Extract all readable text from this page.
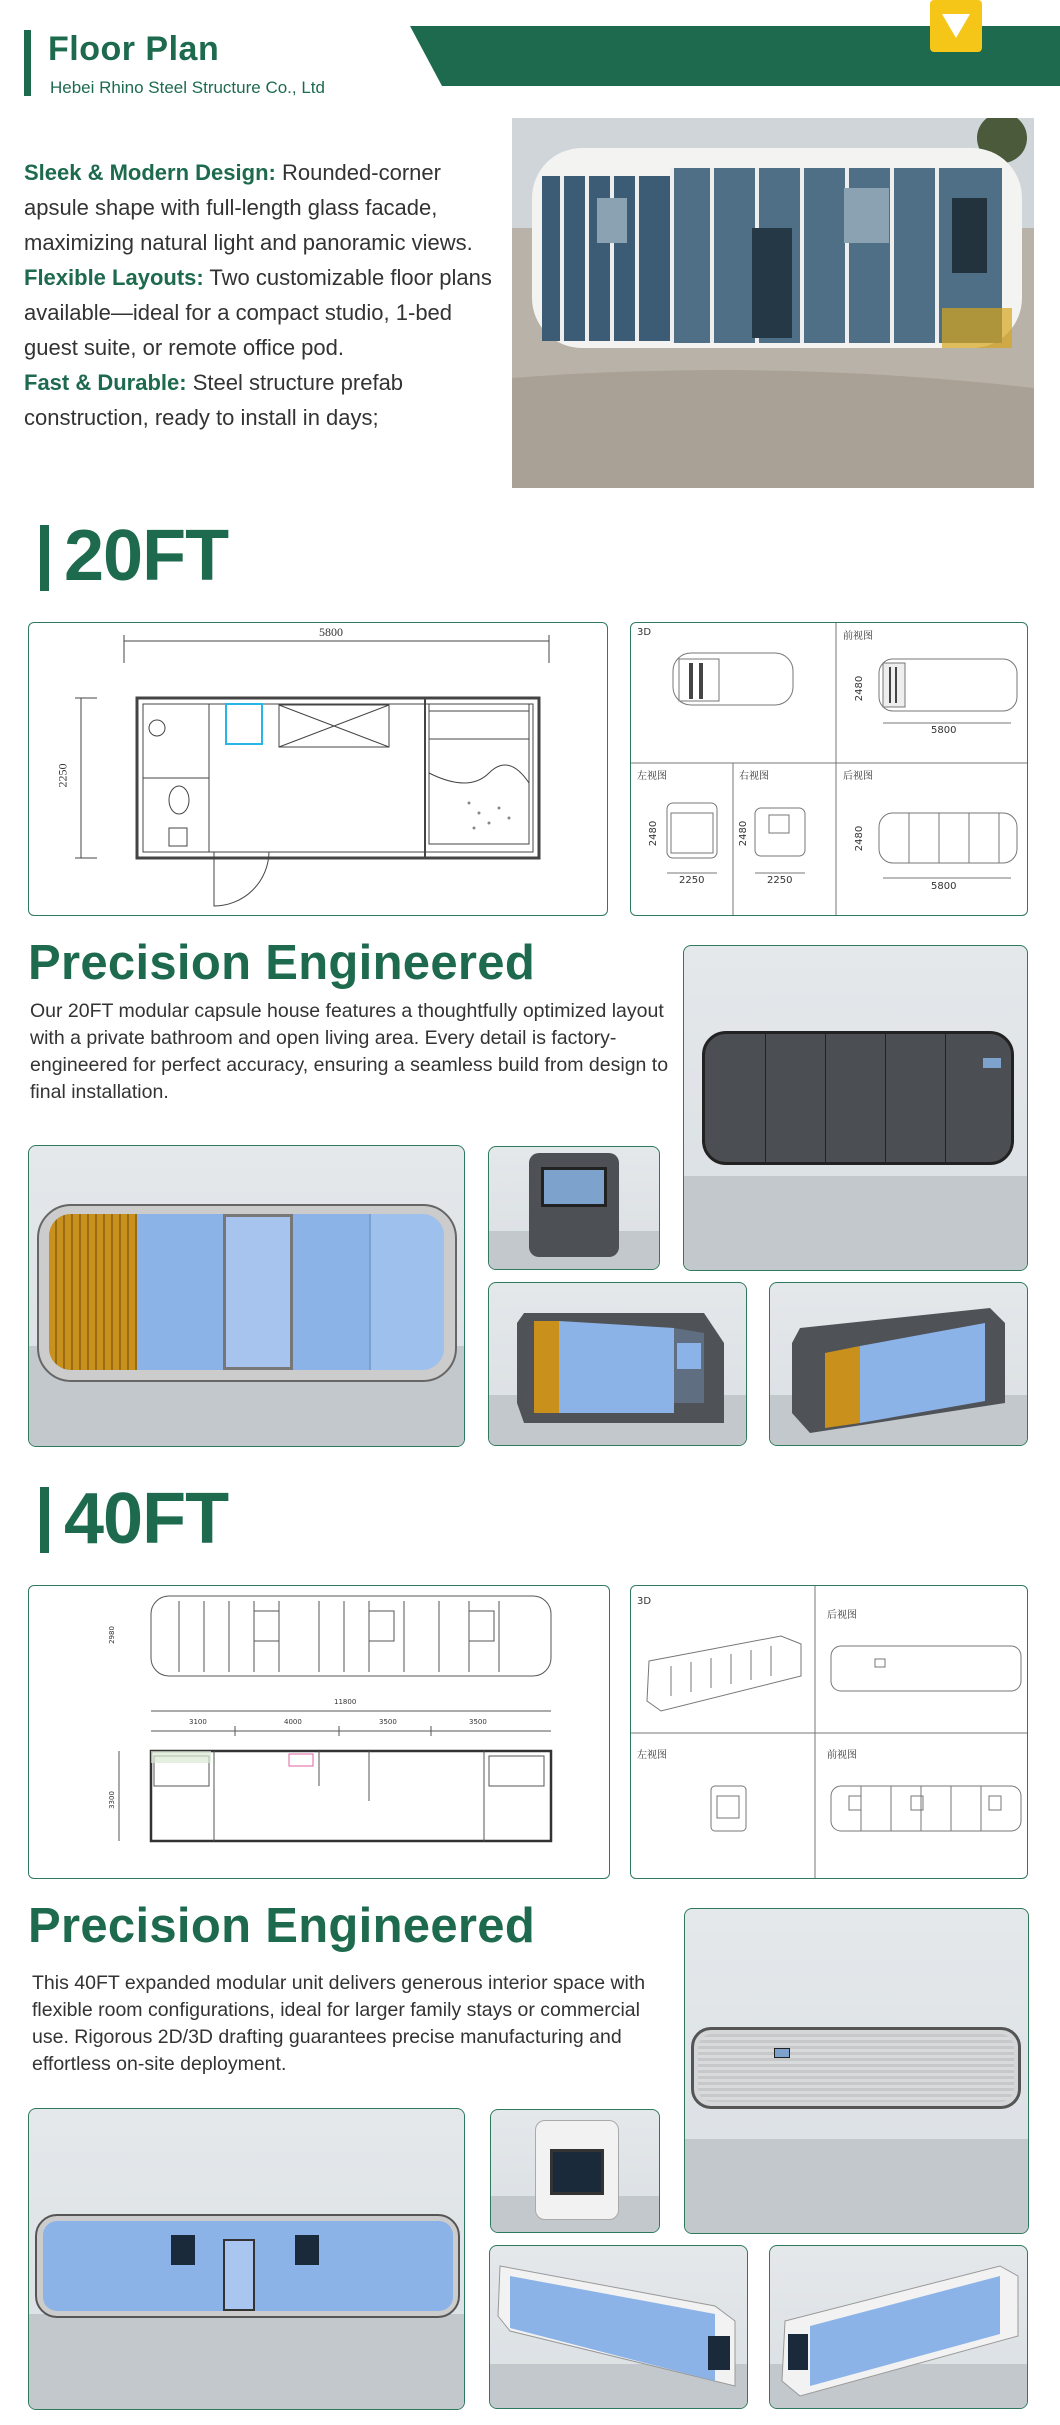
Floor Plan
Hebei Rhino Steel Structure Co., Ltd
Sleek & Modern Design: Rounded-corner apsule shape with full-length glass facade, maximizing natural light and panoramic views.
Flexible Layouts: Two customizable floor plans available—ideal for a compact studio, 1-bed guest suite, or remote office pod.
Fast & Durable: Steel structure prefab construction, ready to install in days;
20FT
5800
2250
3D	前视图
2480
5800
左视图
2480
2250
右视图
2480
2250
后视图
2480
5800
Precision Engineered
Our 20FT modular capsule house features a thoughtfully optimized layout with a private bathroom and open living area. Every detail is factory-engineered for perfect accuracy, ensuring a seamless build from design to final installation.
40FT
2980
11800
3100	4000	3500	3500
3300
3D
后视图
左视图	前视图
Precision Engineered
This 40FT expanded modular unit delivers generous interior space with flexible room configurations, ideal for larger family stays or commercial use. Rigorous 2D/3D drafting guarantees precise manufacturing and effortless on-site deployment.
